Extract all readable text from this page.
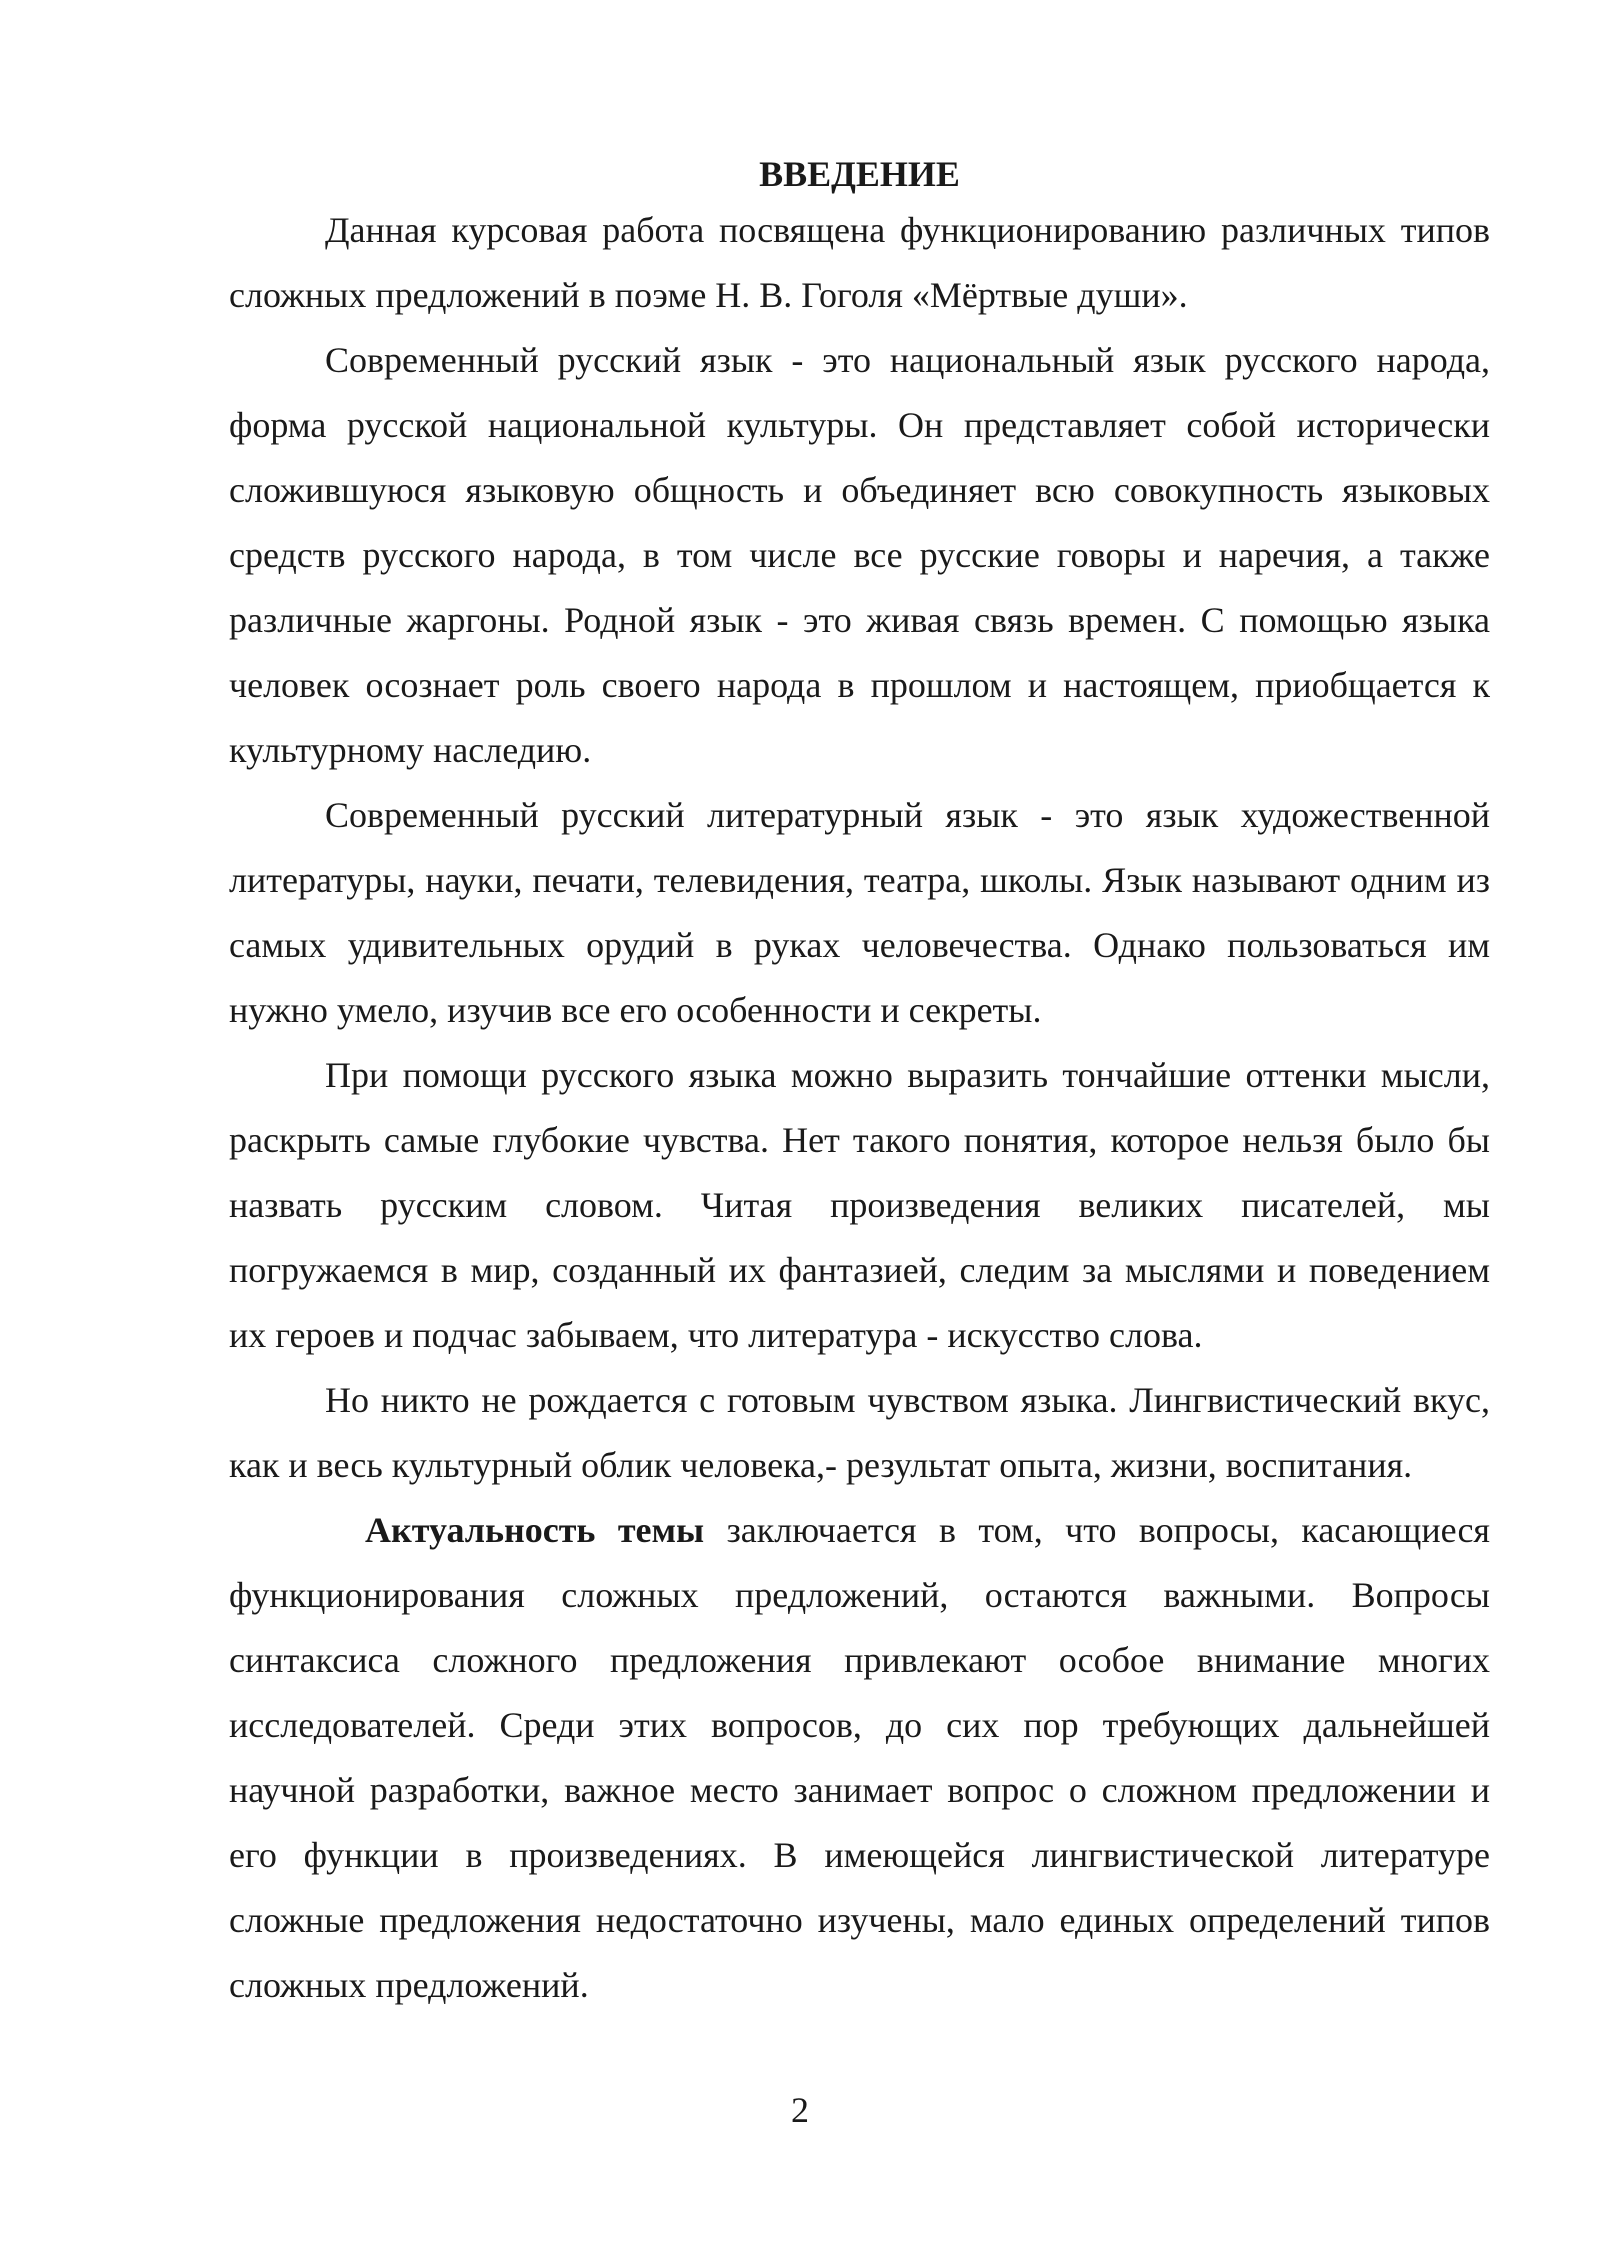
ВВЕДЕНИЕ

Данная курсовая работа посвящена функционированию различных типов сложных предложений в поэме Н. В. Гоголя «Мёртвые души».

Современный русский язык - это национальный язык русского народа, форма русской национальной культуры. Он представляет собой исторически сложившуюся языковую общность и объединяет всю совокупность языковых средств русского народа, в том числе все русские говоры и наречия, а также различные жаргоны. Родной язык - это живая связь времен. С помощью языка человек осознает роль своего народа в прошлом и настоящем, приобщается к культурному наследию.

Современный русский литературный язык - это язык художественной литературы, науки, печати, телевидения, театра, школы. Язык называют одним из самых удивительных орудий в руках человечества. Однако пользоваться им нужно умело, изучив все его особенности и секреты.

При помощи русского языка можно выразить тончайшие оттенки мысли, раскрыть самые глубокие чувства. Нет такого понятия, которое нельзя было бы назвать русским словом. Читая произведения великих писателей, мы погружаемся в мир, созданный их фантазией, следим за мыслями и поведением их героев и подчас забываем, что литература - искусство слова.

Но никто не рождается с готовым чувством языка. Лингвистический вкус, как и весь культурный облик человека,- результат опыта, жизни, воспитания.

Актуальность темы заключается в том, что вопросы, касающиеся функционирования сложных предложений, остаются важными. Вопросы синтаксиса сложного предложения привлекают особое внимание многих исследователей. Среди этих вопросов, до сих пор требующих дальнейшей научной разработки, важное место занимает вопрос о сложном предложении и его функции в произведениях. В имеющейся лингвистической литературе сложные предложения недостаточно изучены, мало единых определений типов сложных предложений.

2
